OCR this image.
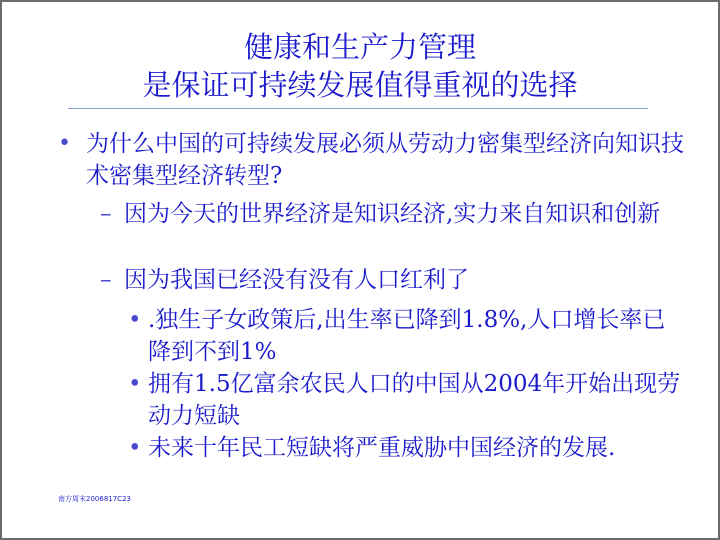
健康和生产力管理
是保证可持续发展值得重视的选择
• 为什么中国的可持续发展必须从劳动力密集型经济向知识技术密集型经济转型?
– 因为今天的世界经济是知识经济,实力来自知识和创新
– 因为我国已经没有没有人口红利了
• .独生子女政策后,出生率已降到1.8%,人口增长率已降到不到1%
• 拥有1.5亿富余农民人口的中国从2004年开始出现劳动力短缺
• 未来十年民工短缺将严重威胁中国经济的发展.
南方周末2006817C23
